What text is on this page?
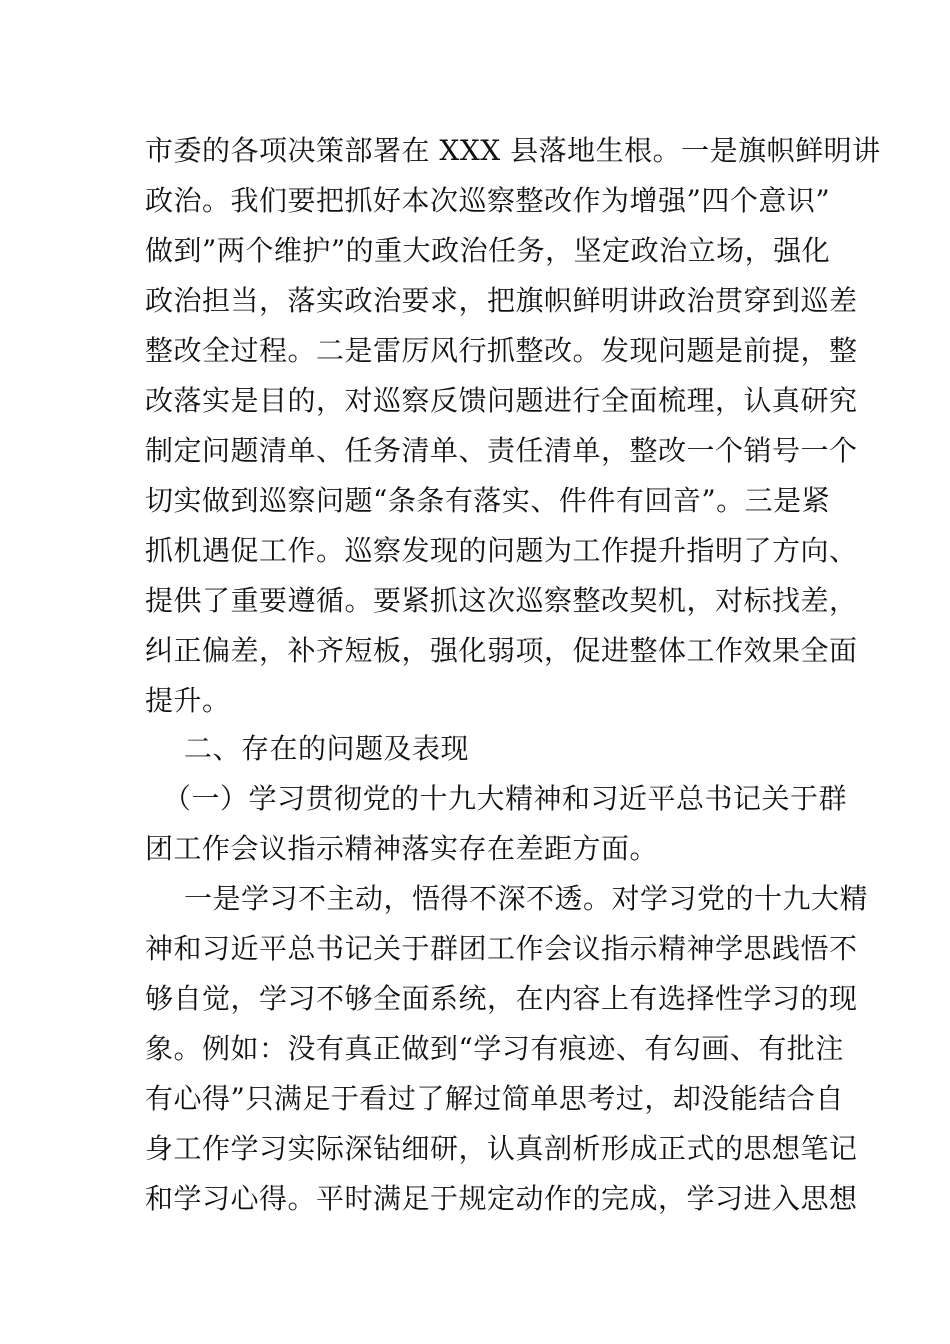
市委的各项决策部署在 XXX 县落地生根。一是旗帜鲜明讲
政治。我们要把抓好本次巡察整改作为增强”四个意识”
做到”两个维护”的重大政治任务，坚定政治立场，强化
政治担当，落实政治要求，把旗帜鲜明讲政治贯穿到巡差
整改全过程。二是雷厉风行抓整改。发现问题是前提，整
改落实是目的，对巡察反馈问题进行全面梳理，认真研究
制定问题清单、任务清单、责任清单，整改一个销号一个
切实做到巡察问题“条条有落实、件件有回音”。三是紧
抓机遇促工作。巡察发现的问题为工作提升指明了方向、
提供了重要遵循。要紧抓这次巡察整改契机，对标找差，
纠正偏差，补齐短板，强化弱项，促进整体工作效果全面
提升。
二、存在的问题及表现
（一）学习贯彻党的十九大精神和习近平总书记关于群
团工作会议指示精神落实存在差距方面。
一是学习不主动，悟得不深不透。对学习党的十九大精
神和习近平总书记关于群团工作会议指示精神学思践悟不
够自觉，学习不够全面系统，在内容上有选择性学习的现
象。例如：没有真正做到“学习有痕迹、有勾画、有批注
有心得”只满足于看过了解过简单思考过，却没能结合自
身工作学习实际深钻细研，认真剖析形成正式的思想笔记
和学习心得。平时满足于规定动作的完成，学习进入思想
